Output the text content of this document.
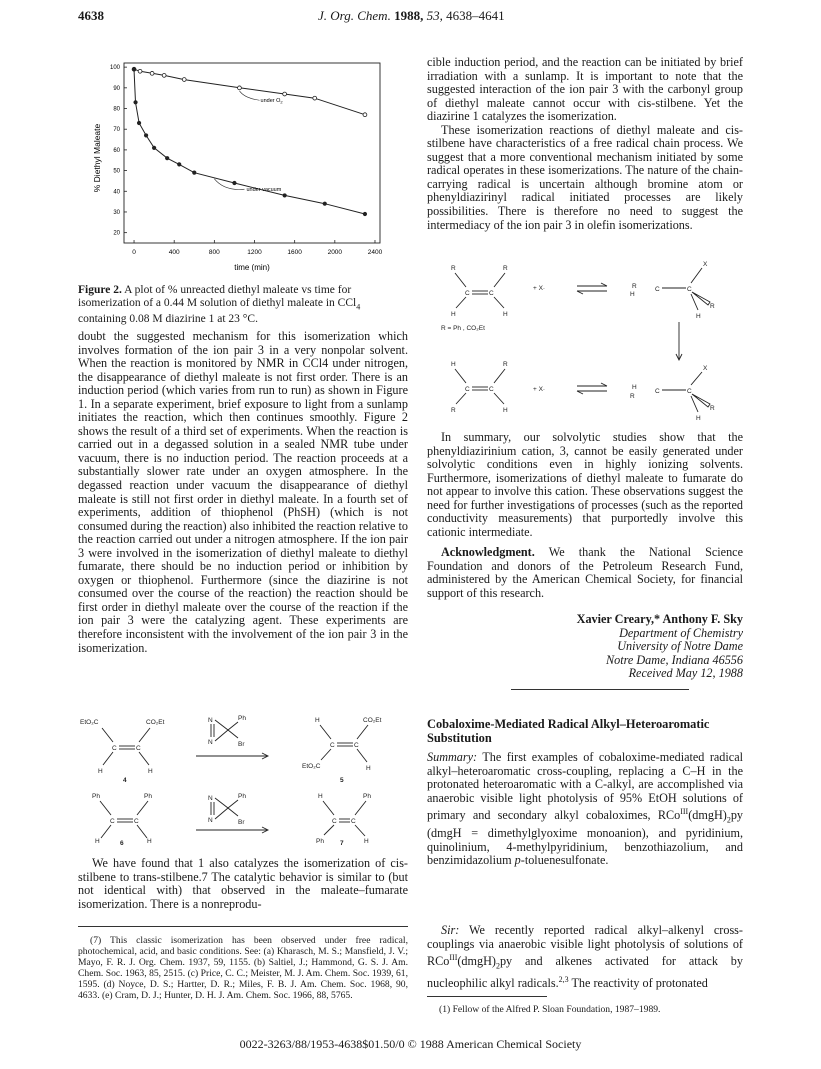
4638	J. Org. Chem. 1988, 53, 4638–4641
0	400	800	1200	1600	2000	2400
20
30
40
50
60
70
80
90
100
under $O_2$
under vacuum
time (min)
% Diethyl Maleate
Figure 2. A plot of % unreacted diethyl maleate vs time for isomerization of a 0.44 M solution of diethyl maleate in CCl$_4$ containing 0.08 M diazirine 1 at 23 °C.

doubt the suggested mechanism for this isomerization which involves formation of the ion pair 3 in a very nonpolar solvent. When the reaction is monitored by NMR in CCl4 under nitrogen, the disappearance of diethyl maleate is not first order. There is an induction period (which varies from run to run) as shown in Figure 1. In a separate experiment, brief exposure to light from a sunlamp initiates the reaction, which then continues smoothly. Figure 2 shows the result of a third set of experiments. When the reaction is carried out in a degassed solution in a sealed NMR tube under vacuum, there is no induction period. The reaction proceeds at a substantially slower rate under an oxygen atmosphere. In the degassed reaction under vacuum the disappearance of diethyl maleate is still not first order in diethyl maleate. In a fourth set of experiments, addition of thiophenol (PhSH) (which is not consumed during the reaction) also inhibited the reaction relative to the reaction carried out under a nitrogen atmosphere. If the ion pair 3 were involved in the isomerization of diethyl maleate to diethyl fumarate, there should be no induction period or inhibition by oxygen or thiophenol. Furthermore (since the diazirine is not consumed over the course of the reaction) the reaction should be first order in diethyl maleate over the course of the reaction if the ion pair 3 were the catalyzing agent. These experiments are therefore inconsistent with the involvement of the ion pair 3 in the isomerization.

EtO₂C	CO₂Et
C	C
H	H
4
N
N
Ph
Br
H	CO₂Et
C	C
EtO₂C	H
5
Ph	Ph
C	C
H	H
6
N
N
Ph
Br
H	Ph
C C
Ph	H
7

We have found that 1 also catalyzes the isomerization of cis-stilbene to trans-stilbene.7 The catalytic behavior is similar to (but not identical with) that observed in the maleate–fumarate isomerization. There is a nonreprodu-

(7) This classic isomerization has been observed under free radical, photochemical, acid, and basic conditions. See: (a) Kharasch, M. S.; Mansfield, J. V.; Mayo, F. R. J. Org. Chem. 1937, 59, 1155. (b) Saltiel, J.; Hammond, G. S. J. Am. Chem. Soc. 1963, 85, 2515. (c) Price, C. C.; Meister, M. J. Am. Chem. Soc. 1939, 61, 1595. (d) Noyce, D. S.; Hartter, D. R.; Miles, F. B. J. Am. Chem. Soc. 1968, 90, 4633. (e) Cram, D. J.; Hunter, D. H. J. Am. Chem. Soc. 1966, 88, 5765.

cible induction period, and the reaction can be initiated by brief irradiation with a sunlamp. It is important to note that the suggested interaction of the ion pair 3 with the carbonyl group of diethyl maleate cannot occur with cis-stilbene. Yet the diazirine 1 catalyzes the isomerization.

These isomerization reactions of diethyl maleate and cis-stilbene have characteristics of a free radical chain process. We suggest that a more conventional mechanism initiated by some radical operates in these isomerizations. The nature of the chain-carrying radical is uncertain although bromine atom or phenyldiazirinyl radical initiated processes are likely possibilities. There is therefore no need to suggest the intermediacy of the ion pair 3 in olefin isomerizations.

R	R
C	C
H	H
R = Ph , CO₂Et
+ X·	R
H
C	C
X
R
H
H	R
C	C
R	H
+ X·	H
R
C	C
X
R
H

In summary, our solvolytic studies show that the phenyldiazirinium cation, 3, cannot be easily generated under solvolytic conditions even in highly ionizing solvents. Furthermore, isomerizations of diethyl maleate to fumarate do not appear to involve this cation. These observations suggest the need for further investigations of processes (such as the reported conductivity measurements) that purportedly involve this cationic intermediate.

Acknowledgment. We thank the National Science Foundation and donors of the Petroleum Research Fund, administered by the American Chemical Society, for financial support of this research.

Xavier Creary,* Anthony F. Sky
Department of Chemistry
University of Notre Dame
Notre Dame, Indiana 46556
Received May 12, 1988
Cobaloxime-Mediated Radical Alkyl–Heteroaromatic Substitution

Summary: The first examples of cobaloxime-mediated radical alkyl–heteroaromatic cross-coupling, replacing a C–H in the protonated heteroaromatic with a C-alkyl, are accomplished via anaerobic visible light photolysis of 95% EtOH solutions of primary and secondary alkyl cobaloximes, $RCo^{III}(dmgH)_2py$ (dmgH = dimethylglyoxime monoanion), and pyridinium, quinolinium, 4-methylpyridinium, benzothiazolium, and benzimidazolium p-toluenesulfonate.

Sir: We recently reported radical alkyl–alkenyl cross-couplings via anaerobic visible light photolysis of solutions of $RCo^{III}(dmgH)_2py$ and alkenes activated for attack by nucleophilic alkyl radicals.$^{2,3}$ The reactivity of protonated

(1) Fellow of the Alfred P. Sloan Foundation, 1987–1989.

0022-3263/88/1953-4638$01.50/0 © 1988 American Chemical Society
